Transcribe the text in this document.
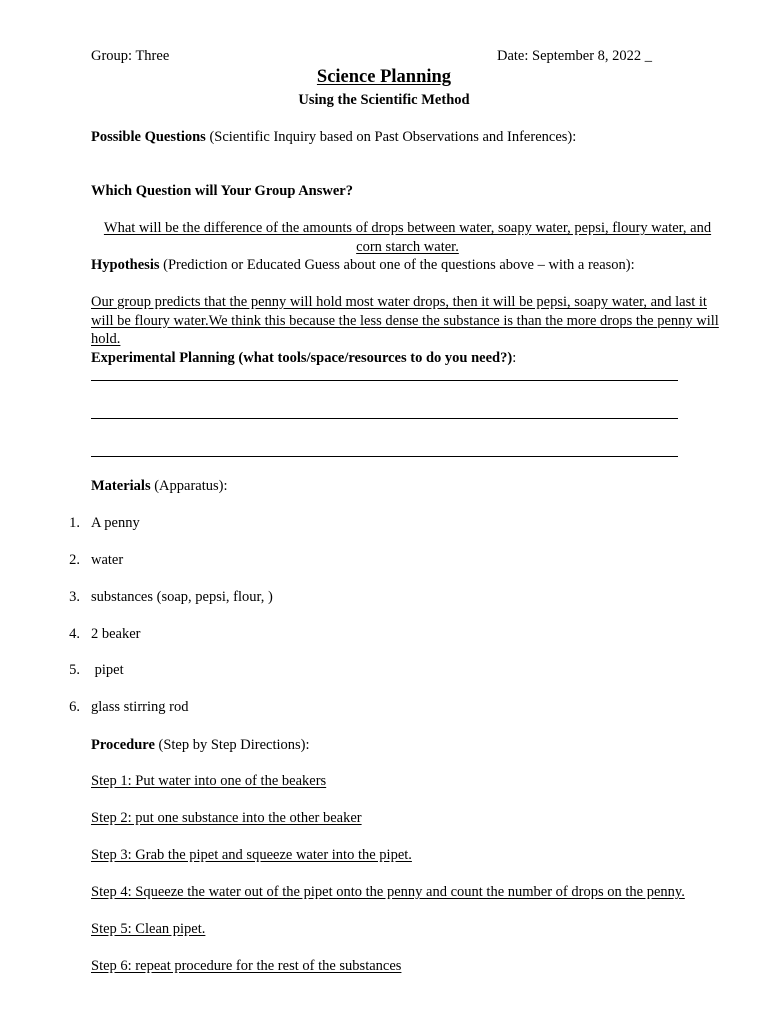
Group: Three	Date: September 8, 2022 _
Science Planning
Using the Scientific Method
Possible Questions (Scientific Inquiry based on Past Observations and Inferences):
Which Question will Your Group Answer?
What will be the difference of the amounts of drops between water, soapy water, pepsi, floury water, and corn starch water.
Hypothesis (Prediction or Educated Guess about one of the questions above – with a reason):
Our group predicts that the penny will hold most water drops, then it will be pepsi, soapy water, and last it will be floury water.We think this because the less dense the substance is than the more drops the penny will hold.
Experimental Planning (what tools/space/resources to do you need?):
Materials (Apparatus):
1. A penny
2. water
3. substances (soap, pepsi, flour, )
4. 2 beaker
5. pipet
6. glass stirring rod
Procedure (Step by Step Directions):
Step 1: Put water into one of the beakers
Step 2: put one substance into the other beaker
Step 3: Grab the pipet and squeeze water into the pipet.
Step 4: Squeeze the water out of the pipet onto the penny and count the number of drops on the penny.
Step 5: Clean pipet.
Step 6: repeat procedure for the rest of the substances
